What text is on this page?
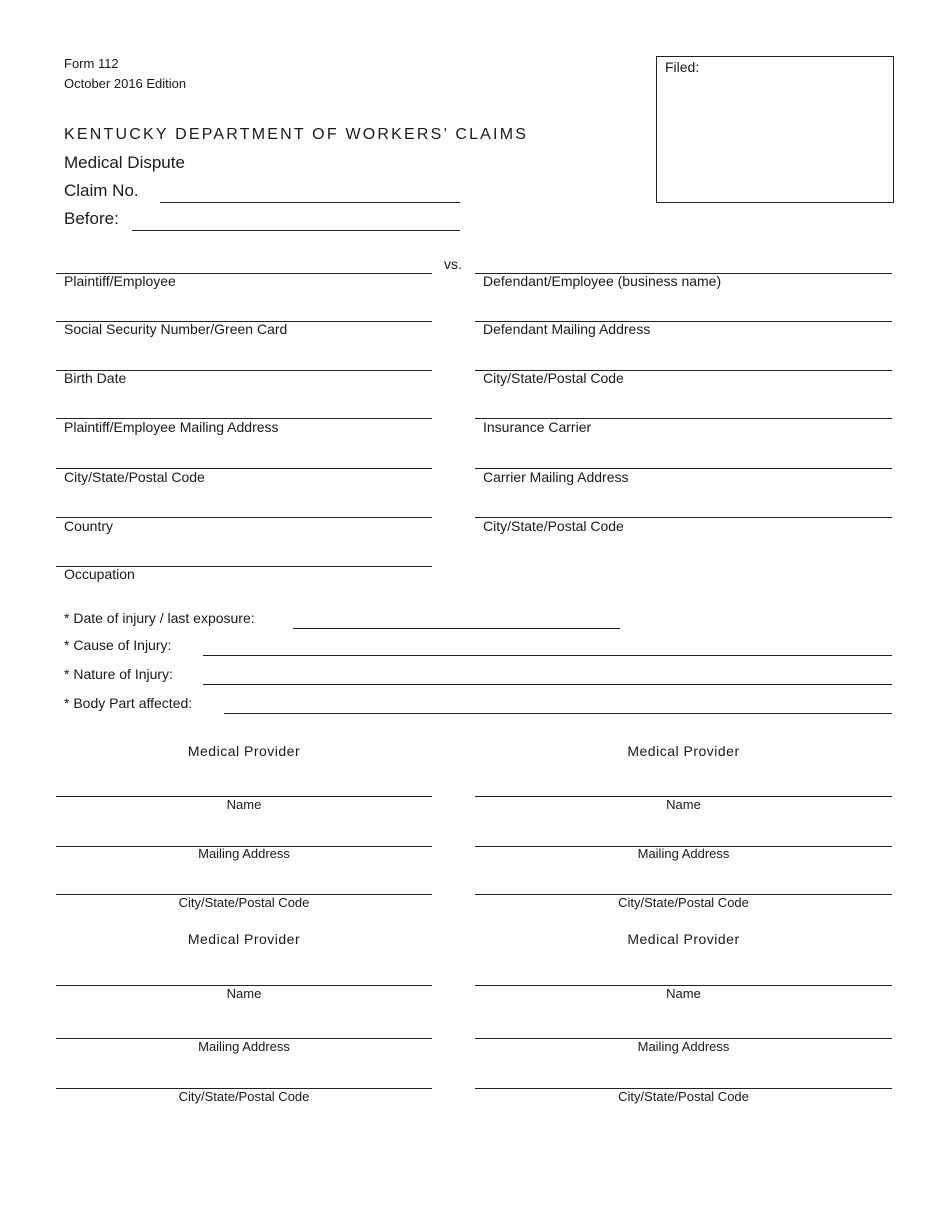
Form 112
October 2016 Edition
KENTUCKY DEPARTMENT OF WORKERS’ CLAIMS
Medical Dispute
Claim No.
Before:
Filed:
vs.
Plaintiff/Employee
Social Security Number/Green Card
Birth Date
Plaintiff/Employee Mailing Address
City/State/Postal Code
Country
Occupation
Defendant/Employee (business name)
Defendant Mailing Address
City/State/Postal Code
Insurance Carrier
Carrier Mailing Address
City/State/Postal Code
* Date of injury / last exposure:
* Cause of Injury:
* Nature of Injury:
* Body Part affected:
Medical Provider
Name
Mailing Address
City/State/Postal Code
Medical Provider
Name
Mailing Address
City/State/Postal Code
Medical Provider
Name
Mailing Address
City/State/Postal Code
Medical Provider
Name
Mailing Address
City/State/Postal Code
